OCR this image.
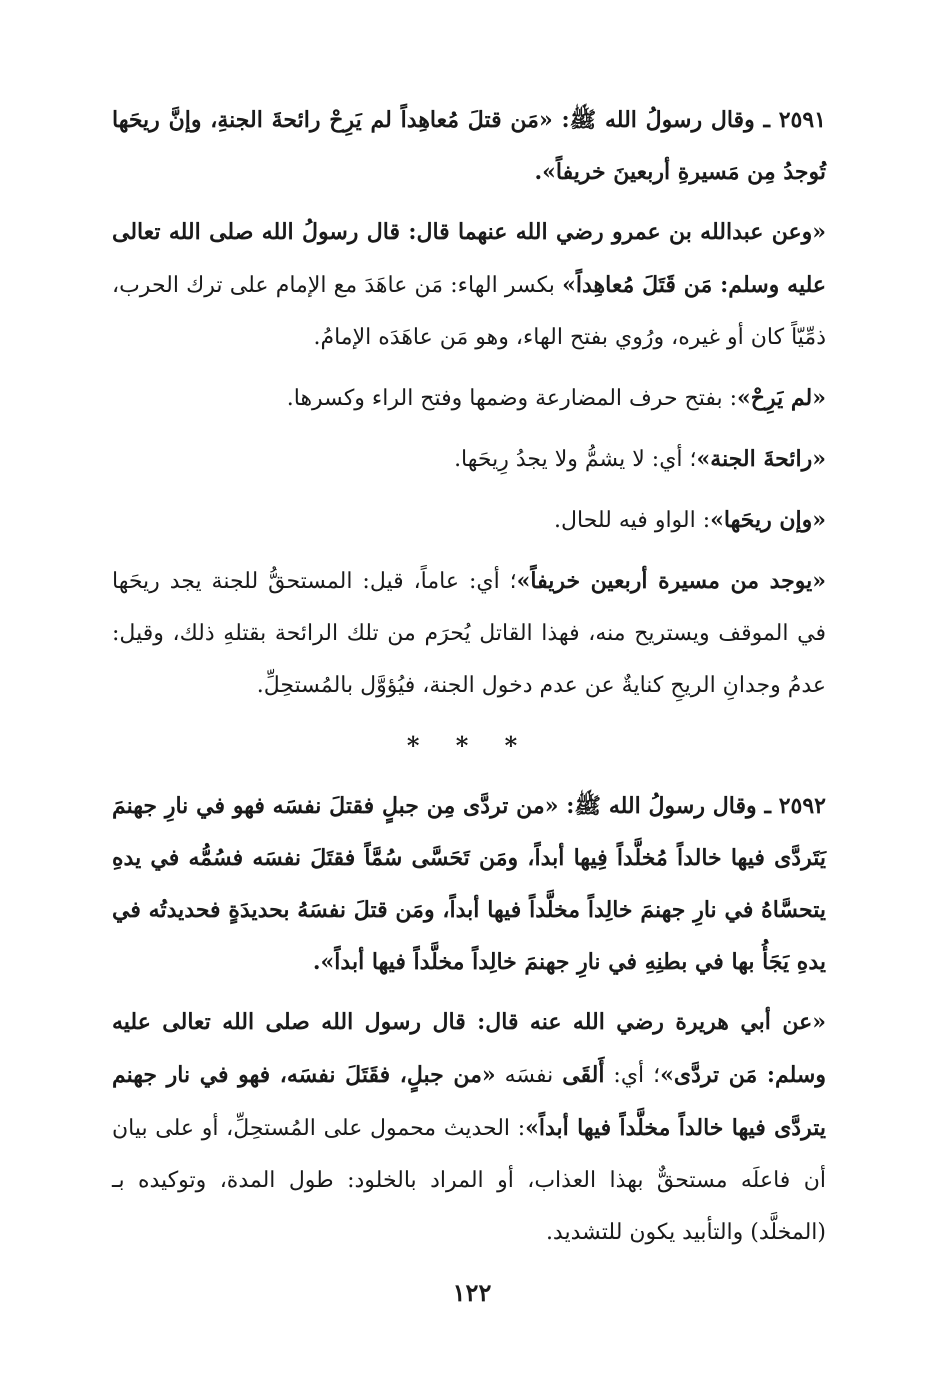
٢٥٩١ ـ وقال رسولُ الله ﷺ: «مَن قتلَ مُعاهِداً لم يَرِحْ رائحةَ الجنةِ، وإنَّ ريحَها تُوجدُ مِن مَسيرةِ أربعينَ خريفاً».

«وعن عبدالله بن عمرو رضي الله عنهما قال: قال رسولُ الله صلى الله تعالى عليه وسلم: مَن قَتَلَ مُعاهِداً» بكسر الهاء: مَن عاهَدَ مع الإمام على ترك الحرب، ذمِّيّاً كان أو غيره، ورُوي بفتح الهاء، وهو مَن عاهَدَه الإمامُ.

«لم يَرِحْ»: بفتح حرف المضارعة وضمها وفتح الراء وكسرها.

«رائحةَ الجنة»؛ أي: لا يشمُّ ولا يجدُ رِيحَها.

«وإن ريحَها»: الواو فيه للحال.

«يوجد من مسيرة أربعين خريفاً»؛ أي: عاماً، قيل: المستحقُّ للجنة يجد ريحَها في الموقف ويستريح منه، فهذا القاتل يُحرَم من تلك الرائحة بقتلهِ ذلك، وقيل: عدمُ وجدانِ الريحِ كنايةٌ عن عدم دخول الجنة، فيُؤوَّل بالمُستحِلِّ.

* * *

٢٥٩٢ ـ وقال رسولُ الله ﷺ: «من تردَّى مِن جبلٍ فقتلَ نفسَه فهو في نارِ جهنمَ يَتَردَّى فيها خالداً مُخلَّداً فِيها أبداً، ومَن تَحَسَّى سُمَّاً فقتَلَ نفسَه فسُمُّه في يدهِ يتحسَّاهُ في نارِ جهنمَ خالِداً مخلَّداً فيها أبداً، ومَن قتلَ نفسَهُ بحديدَةٍ فحديدتُه في يدهِ يَجَأُ بها في بطنِهِ في نارِ جهنمَ خالِداً مخلَّداً فيها أبداً».

«عن أبي هريرة رضي الله عنه قال: قال رسول الله صلى الله تعالى عليه وسلم: مَن تردَّى»؛ أي: أَلقَى نفسَه «من جبلٍ، فقَتَلَ نفسَه، فهو في نار جهنم يتردَّى فيها خالداً مخلَّداً فيها أبداً»: الحديث محمول على المُستحِلِّ، أو على بيان أن فاعلَه مستحقٌّ بهذا العذاب، أو المراد بالخلود: طول المدة، وتوكيده بـ (المخلَّد) والتأبيد يكون للتشديد.

١٢٢
